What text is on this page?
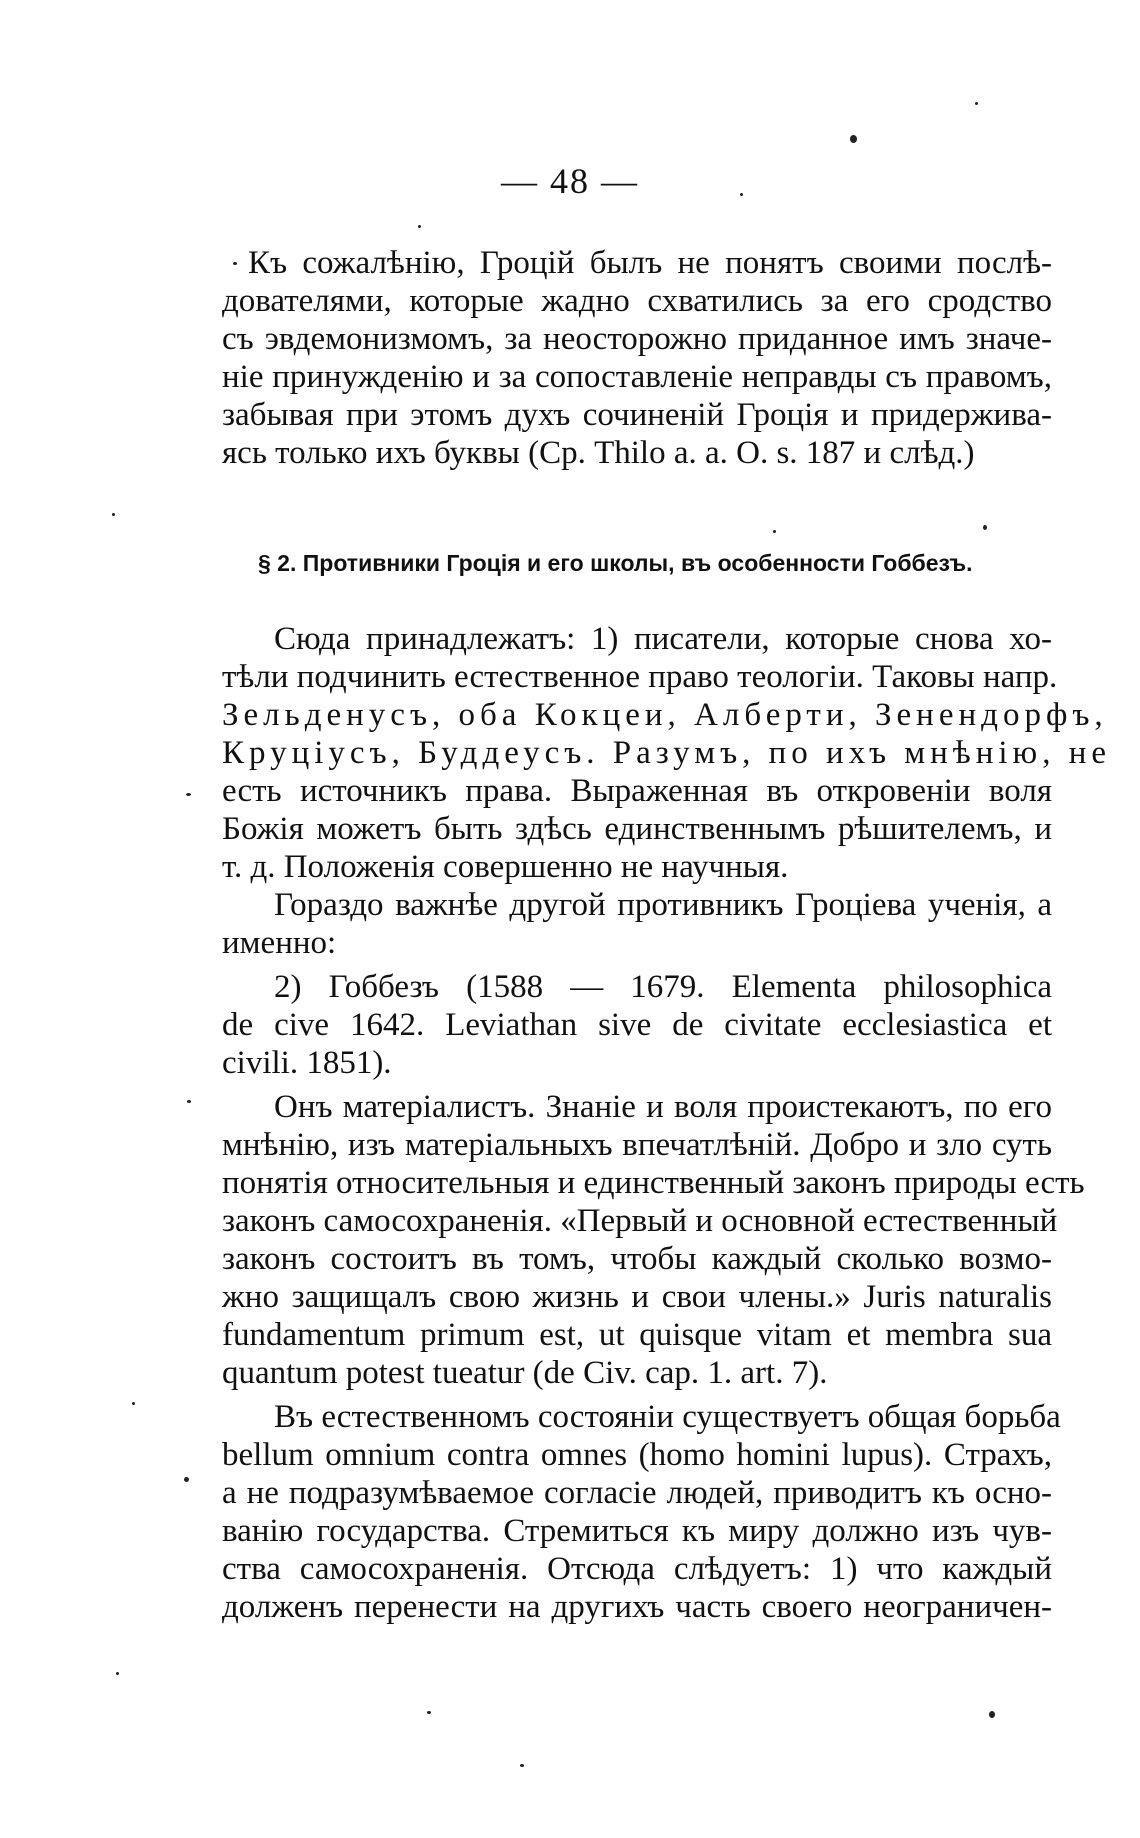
— 48 —
Къ сожалѣнію, Гроцій былъ не понятъ своими послѣ-
дователями, которые жадно схватились за его сродство
съ эвдемонизмомъ, за неосторожно приданное имъ значе-
ніе принужденію и за сопоставленіе неправды съ правомъ,
забывая при этомъ духъ сочиненій Гроція и придержива-
ясь только ихъ буквы (Ср. Thilo a. a. O. s. 187 и слѣд.)
§ 2. Противники Гроція и его школы, въ особенности Гоббезъ.
Сюда принадлежатъ: 1) писатели, которые снова хо-
тѣли подчинить естественное право теологіи. Таковы напр.
Зельденусъ, оба Кокцеи, Алберти, Зенендорфъ,
Круціусъ, Буддеусъ. Разумъ, по ихъ мнѣнію, не
есть источникъ права. Выраженная въ откровеніи воля
Божія можетъ быть здѣсь единственнымъ рѣшителемъ, и
т. д. Положенія совершенно не научныя.
Гораздо важнѣе другой противникъ Гроціева ученія, а
именно:
2) Гоббезъ (1588 — 1679. Elementa philosophica
de cive 1642. Leviathan sive de civitate ecclesiastica et
civili. 1851).
Онъ матеріалистъ. Знаніе и воля проистекаютъ, по его
мнѣнію, изъ матеріальныхъ впечатлѣній. Добро и зло суть
понятія относительныя и единственный законъ природы есть
законъ самосохраненія. «Первый и основной естественный
законъ состоитъ въ томъ, чтобы каждый сколько возмо-
жно защищалъ свою жизнь и свои члены.» Juris naturalis
fundamentum primum est, ut quisque vitam et membra sua
quantum potest tueatur (de Civ. cap. 1. art. 7).
Въ естественномъ состояніи существуетъ общая борьба
bellum omnium contra omnes (homo homini lupus). Страхъ,
а не подразумѣваемое согласіе людей, приводитъ къ осно-
ванію государства. Стремиться къ миру должно изъ чув-
ства самосохраненія. Отсюда слѣдуетъ: 1) что каждый
долженъ перенести на другихъ часть своего неограничен-
